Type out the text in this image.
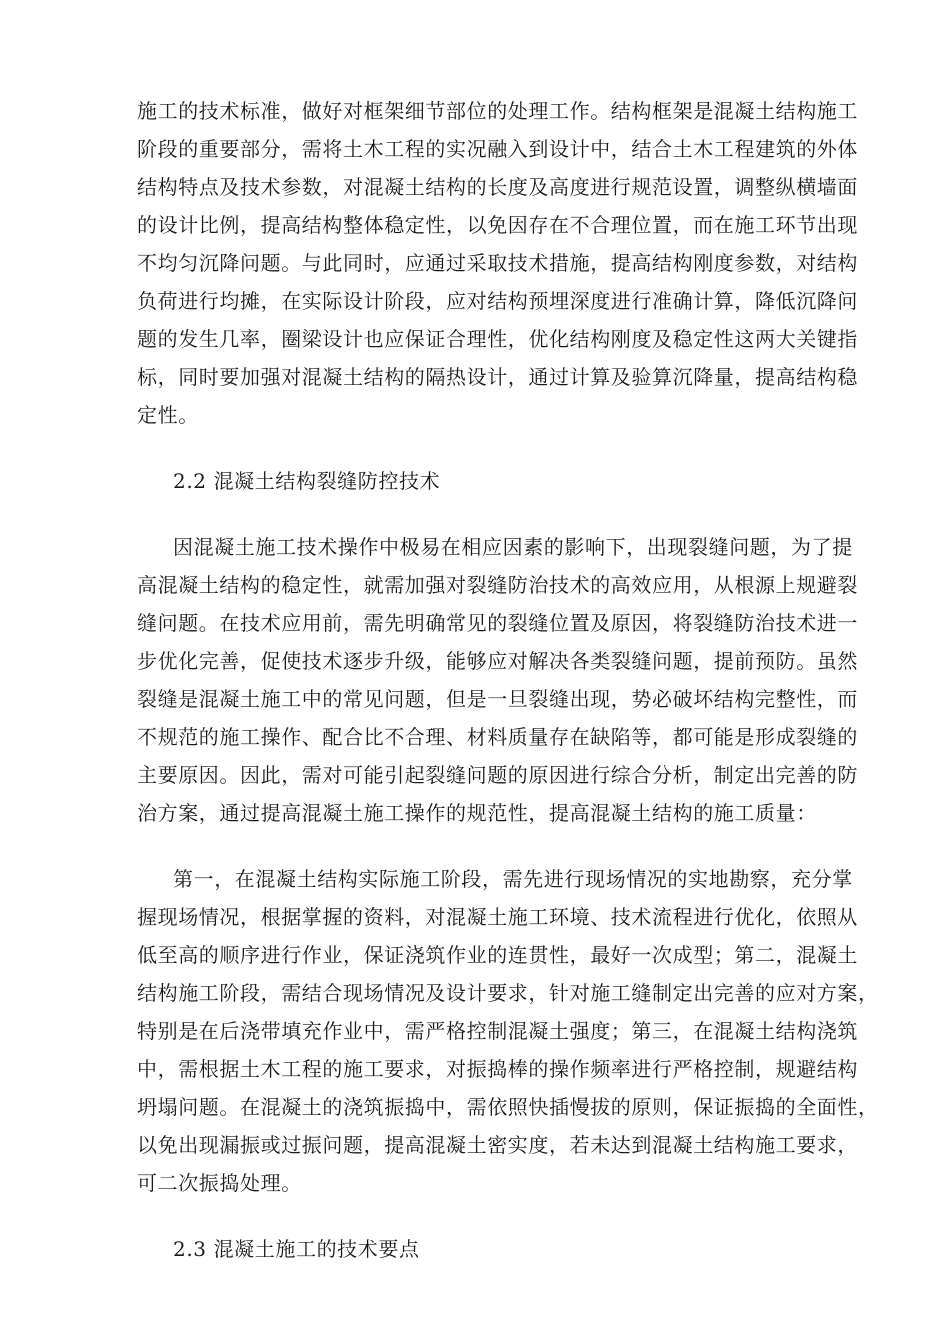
施工的技术标准，做好对框架细节部位的处理工作。结构框架是混凝土结构施工
阶段的重要部分，需将土木工程的实况融入到设计中，结合土木工程建筑的外体
结构特点及技术参数，对混凝土结构的长度及高度进行规范设置，调整纵横墙面
的设计比例，提高结构整体稳定性，以免因存在不合理位置，而在施工环节出现
不均匀沉降问题。与此同时，应通过采取技术措施，提高结构刚度参数，对结构
负荷进行均摊，在实际设计阶段，应对结构预埋深度进行准确计算，降低沉降问
题的发生几率，圈梁设计也应保证合理性，优化结构刚度及稳定性这两大关键指
标，同时要加强对混凝土结构的隔热设计，通过计算及验算沉降量，提高结构稳
定性。
2.2 混凝土结构裂缝防控技术
因混凝土施工技术操作中极易在相应因素的影响下，出现裂缝问题，为了提
高混凝土结构的稳定性，就需加强对裂缝防治技术的高效应用，从根源上规避裂
缝问题。在技术应用前，需先明确常见的裂缝位置及原因，将裂缝防治技术进一
步优化完善，促使技术逐步升级，能够应对解决各类裂缝问题，提前预防。虽然
裂缝是混凝土施工中的常见问题，但是一旦裂缝出现，势必破坏结构完整性，而
不规范的施工操作、配合比不合理、材料质量存在缺陷等，都可能是形成裂缝的
主要原因。因此，需对可能引起裂缝问题的原因进行综合分析，制定出完善的防
治方案，通过提高混凝土施工操作的规范性，提高混凝土结构的施工质量：
第一，在混凝土结构实际施工阶段，需先进行现场情况的实地勘察，充分掌
握现场情况，根据掌握的资料，对混凝土施工环境、技术流程进行优化，依照从
低至高的顺序进行作业，保证浇筑作业的连贯性，最好一次成型；第二，混凝土
结构施工阶段，需结合现场情况及设计要求，针对施工缝制定出完善的应对方案，
特别是在后浇带填充作业中，需严格控制混凝土强度；第三，在混凝土结构浇筑
中，需根据土木工程的施工要求，对振捣棒的操作频率进行严格控制，规避结构
坍塌问题。在混凝土的浇筑振捣中，需依照快插慢拔的原则，保证振捣的全面性，
以免出现漏振或过振问题，提高混凝土密实度，若未达到混凝土结构施工要求，
可二次振捣处理。
2.3 混凝土施工的技术要点
